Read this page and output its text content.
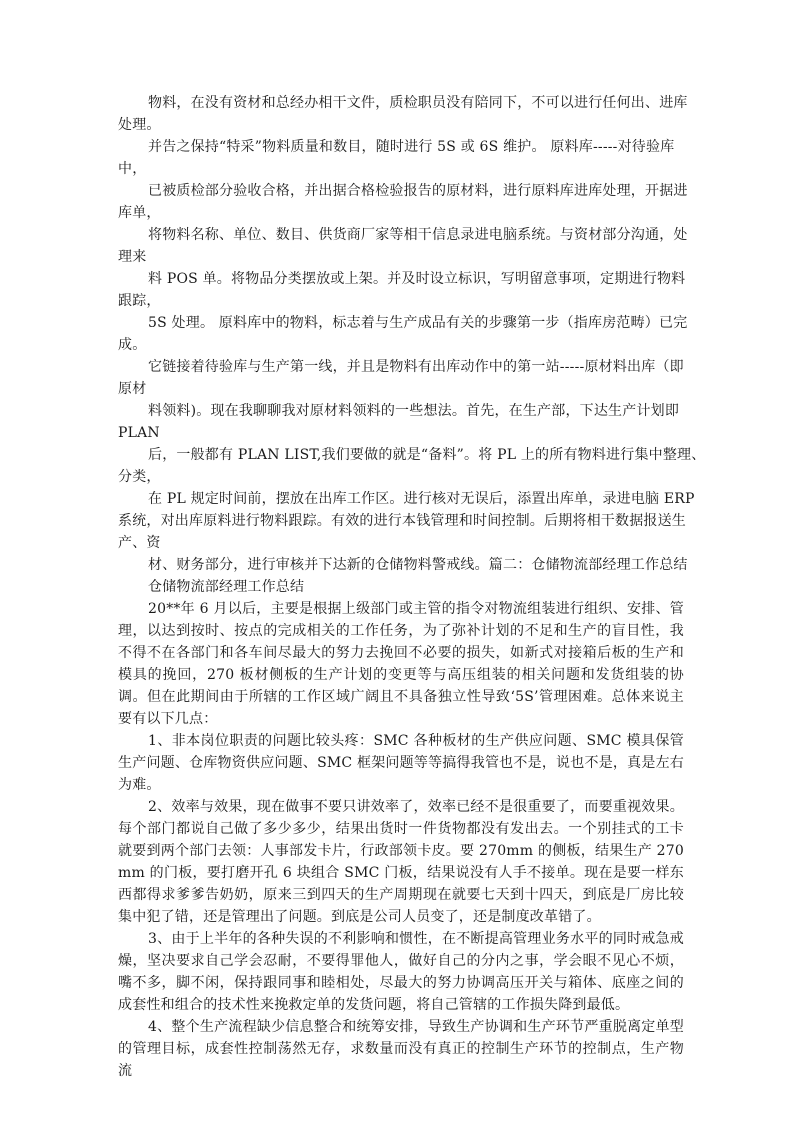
物料，在没有资材和总经办相干文件，质检职员没有陪同下，不可以进行任何出、进库

处理。

并告之保持“特采”物料质量和数目，随时进行 5S 或 6S 维护。 原料库-----对待验库

中，

已被质检部分验收合格，并出据合格检验报告的原材料，进行原料库进库处理，开据进

库单，

将物料名称、单位、数目、供货商厂家等相干信息录进电脑系统。与资材部分沟通，处

理来

料 POS 单。将物品分类摆放或上架。并及时设立标识，写明留意事项，定期进行物料

跟踪，

5S 处理。 原料库中的物料，标志着与生产成品有关的步骤第一步（指库房范畴）已完

成。

它链接着待验库与生产第一线，并且是物料有出库动作中的第一站-----原材料出库（即

原材

料领料)。现在我聊聊我对原材料领料的一些想法。首先，在生产部，下达生产计划即

PLAN

后，一般都有 PLAN LIST,我们要做的就是“备料”。将 PL 上的所有物料进行集中整理、

分类，

在 PL 规定时间前，摆放在出库工作区。进行核对无误后，添置出库单，录进电脑 ERP

系统，对出库原料进行物料跟踪。有效的进行本钱管理和时间控制。后期将相干数据报送生

产、资

材、财务部分，进行审核并下达新的仓储物料警戒线。篇二：仓储物流部经理工作总结

仓储物流部经理工作总结

20**年 6 月以后，主要是根据上级部门或主管的指令对物流组装进行组织、安排、管理，以达到按时、按点的完成相关的工作任务，为了弥补计划的不足和生产的盲目性，我不得不在各部门和各车间尽最大的努力去挽回不必要的损失，如新式对接箱后板的生产和模具的挽回，270 板材侧板的生产计划的变更等与高压组装的相关问题和发货组装的协调。但在此期间由于所辖的工作区域广阔且不具备独立性导致‘5S’管理困难。总体来说主要有以下几点：

1、非本岗位职责的问题比较头疼：SMC 各种板材的生产供应问题、SMC 模具保管生产问题、仓库物资供应问题、SMC 框架问题等等搞得我管也不是，说也不是，真是左右为难。

2、效率与效果，现在做事不要只讲效率了，效率已经不是很重要了，而要重视效果。每个部门都说自己做了多少多少，结果出货时一件货物都没有发出去。一个别挂式的工卡就要到两个部门去领：人事部发卡片，行政部领卡皮。要 270mm 的侧板，结果生产 270mm 的门板，要打磨开孔 6 块组合 SMC 门板，结果说没有人手不接单。现在是要一样东西都得求爹爹告奶奶，原来三到四天的生产周期现在就要七天到十四天，到底是厂房比较集中犯了错，还是管理出了问题。到底是公司人员变了，还是制度改革错了。

3、由于上半年的各种失误的不利影响和惯性，在不断提高管理业务水平的同时戒急戒燥，坚决要求自己学会忍耐，不要得罪他人，做好自己的分内之事，学会眼不见心不烦，嘴不多，脚不闲，保持跟同事和睦相处，尽最大的努力协调高压开关与箱体、底座之间的成套性和组合的技术性来挽救定单的发货问题，将自己管辖的工作损失降到最低。

4、整个生产流程缺少信息整合和统筹安排，导致生产协调和生产环节严重脱离定单型的管理目标，成套性控制荡然无存，求数量而没有真正的控制生产环节的控制点，生产物流
